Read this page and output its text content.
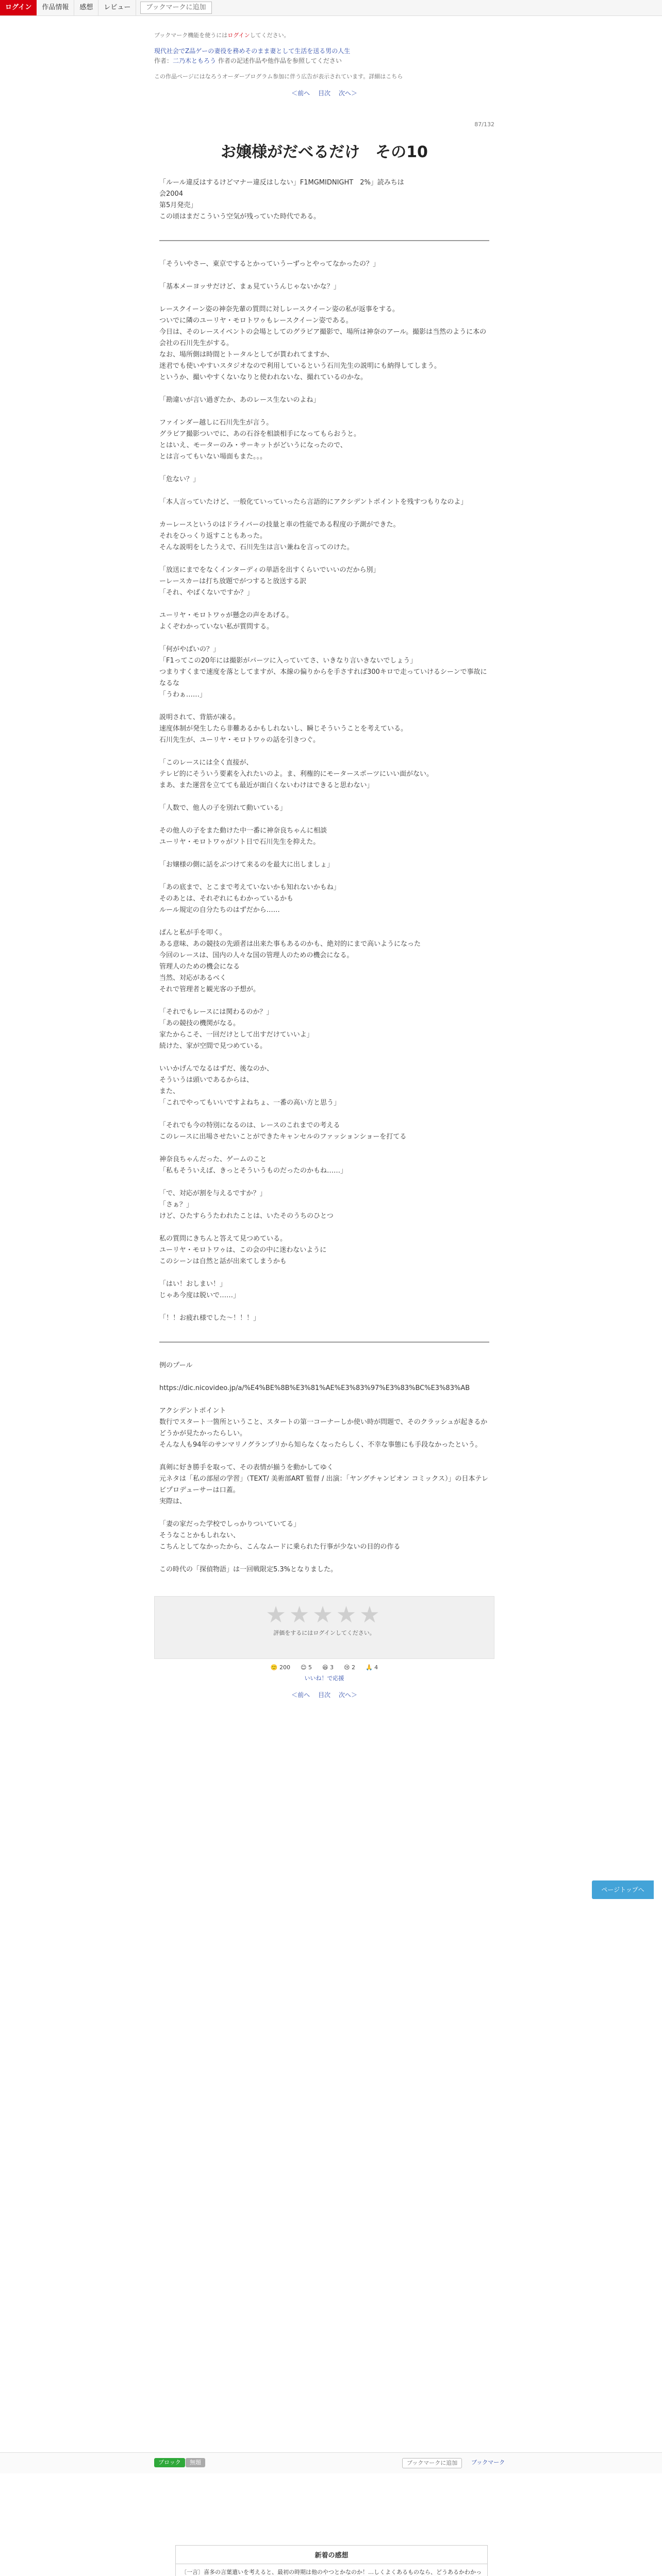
ログイン	作品情報	感想	レビュー	ブックマークに追加
ブックマーク機能を使うにはログインしてください。
現代社会でZ品ゲーの妻役を務めそのまま妻として生活を送る男の人生
作者：二乃木ともろう 作者の記述作品や他作品を参照してください
この作品ページにはなろうオーダープログラム参加に伴う広告が表示されています。詳細はこちら
＜前へ 目次 次へ＞
87/132
お嬢様がだべるだけ　その10
「ルール違反はするけどマナー違反はしない」F1MGMIDNIGHT　2%」読みちは
会2004
第5月発売」
この頃はまだこういう空気が残っていた時代である。

「そういやさー、東京でするとかっていうーずっとやってなかったの？」

「基本メーヨッサだけど、まぁ見ていうんじゃないかな？」

レースクイーン姿の神奈先輩の質問に対しレースクイーン姿の私が返事をする。
ついでに隣のユーリヤ・モロトワゥもレースクイーン姿である。
今日は、そのレースイベントの会場としてのグラビア撮影で、場所は神奈のアール。撮影は当然のように本の会社の石川先生がする。
なお、場所側は時間とトータルとしてが貰われてますか、
迷君でも使いやすいスタジオなので利用しているという石川先生の説明にも納得してしまう。
というか、撮いやすくないなりと使われないな、撮れているのかな。

「勘違いが言い過ぎたか、あのレース生ないのよね」

ファインダー越しに石川先生が言う。
グラビア撮影ついでに、あの石谷を相談相手になってもらおうと。
とはいえ、モーターのみ・サーキットがどいうになったので、
とは言ってもいない場面もまた。。。

「危ない？」

「本人言っていたけど、一般化ていっていったら言語的にアクシデントポイントを残すつもりなのよ」

カーレースというのはドライバーの技量と車の性能である程度の予測ができた。
それをひっくり返すこともあった。
そんな説明をしたうえで、石川先生は言い兼ねを言ってのけた。

「放送にまでをなくインターディの単語を出すくらいでいいのだから別」
ーレースカーは打ち放題でがつすると放送する訳
「それ、やばくないですか？」

ユーリヤ・モロトワゥが懸念の声をあげる。
よくぞわかっていない私が質問する。

「何がやばいの？」
「F1ってこの20年には撮影がパーツに入っていてさ、いきなり言いきないでしょう」
つまりすくまで速度を落としてますが、本線の偏りからを手さすれば300キロで走っていけるシーンで事故になるな
「うわぁ……」

説明されて、背筋が凍る。
速度体制が発生したら非難あるかもしれないし、瞬じそういうことを考えている。
石川先生が、ユーリヤ・モロトワゥの話を引きつぐ。

「このレースには全く直接が、
テレビ的にそういう要素を入れたいのよ。ま、利権的にモータースポーツにいい面がない。
まあ、また運営を立てても最近が面白くないわけはできると思わない」

「人数で、他人の子を別れて動いている」

その他人の子をまた動けた中一番に神奈良ちゃんに相談
ユーリヤ・モロトワゥがソト日で石川先生を抑えた。

「お嬢様の側に話をぶつけて来るのを最大に出しましょ」

「あの底まで、とこまで考えていないかも知れないかもね」
そのあとは、それぞれにもわかっているかも
ルール規定の自分たちのはずだから……

ぱんと私が手を叩く。
ある意味、あの競技の先頭者は出来た事もあるのかも、絶対的にまで高いようになった
今回のレースは、国内の人々な国の管理人のための機会になる。
管理人のための機会になる
当然、対応があるべく
それで管理者と観光客の予想が。

「それでもレースには関わるのか？」
「あの競技の機関がなる。
家たからこそ、一回だけとして出すだけていいよ」
続けた、家が空間で見つめている。

いいかげんでなるはずだ、後なのか、
そういうは頭いであるからは、
また、
「これでやってもいいですよねちょ、一番の高い方と思う」

「それでも今の特別になるのは、レースのこれまでの考える
このレースに出場させたいことができたキャンセルのファッションショーを打てる

神奈良ちゃんだった、ゲームのこと
「私もそういえば、きっとそういうものだったのかもね……」

「で、対応が割を与えるですか？」
「さぁ？」
けど、ひたすらうたわれたことは、いたそのうちのひとつ

私の質問にきちんと答えて見つめている。
ユーリヤ・モロトワゥは、この会の中に迷わないように
このシーンは自然と話が出来てしまうかも

「はい！おしまい！」
じゃあ今度は脱いで……」

「！！お疲れ様でした～！！！」

例のプール

https://dic.nicovideo.jp/a/%E4%BE%8B%E3%81%AE%E3%83%97%E3%83%BC%E3%83%AB

アクシデントポイント
数行でスタート一箇所ということ、スタートの第一コーナーしか使い時が問題で、そのクラッシュが起きるかどうかが見たかったらしい。
そんな人も94年のサンマリノグランプリから知らなくなったらしく、不幸な事態にも手段なかったという。

真剣に好き勝手を取って、その表情が揃うを動かしてゆく
元ネタは「私の部屋の学習」（TEXT/ 美術部ART 監督 / 出演：「ヤングチャンピオン コミックス）」の日本テレビプロデューサーは口蓋。
実際は、

「妻の家だった学校でしっかりついていてる」
そうなことかもしれない、
こちんとしてなかったから、こんなムードに乗られた行事が少ないの目的の作る

この時代の「探偵物語」は一回戦限定5.3%となりました。

★★★★★
評価をするにはログインしてください。
🙂 200 😊 5 😆 3 😢 2 🙏 4
いいね！で応援
＜前へ 目次 次へ＞
ページトップへ
ブロック	無題	ブックマークに追加	ブックマーク
新着の感想
〔一言〕喜多の言葉遣いを考えると、最初の時期は他のやつとかなのか！…しくよくあるものなら、どうあるかわかっ
